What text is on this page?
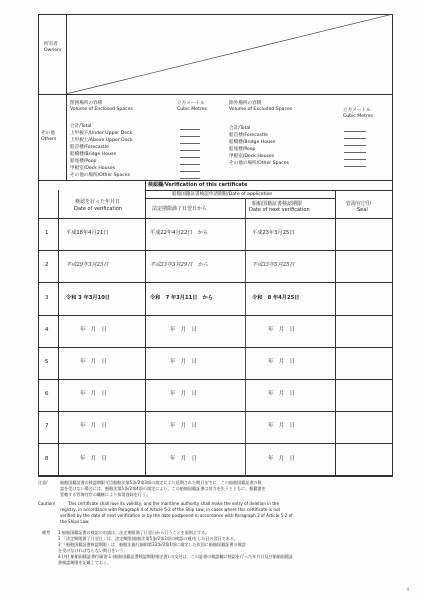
所有者
Owners
その他
Others
閉囲場所の容積
Volume of Enclosed Spaces
立方メートル
Cubic Metres
合計/Total
上甲板下/Under Upper Deck
上甲板上/Above Upper Deck
船首楼/Forecastle
船橋楼/Bridge House
船尾楼/Poop
甲板室/Deck Houses
その他の場所/Other Spaces
除外場所の容積
Volume of Excluded Spaces	立方メートル
Cubic Metres
合計/Total
船首楼/Forecastle
船橋楼/Bridge House
船尾楼/Poop
甲板室/Deck Houses
その他の場所/Other Spaces
検認欄/Verification of this certificate
船舶国籍証書検認申請期限/Date of application
検認を行った年月日
Date of verification	法定期限満了日翌日から
船舶国籍証書検認期限
Date of next verification
管海官庁印
Seal
1	平成18年4月21日	平成22年4月22日　から	平成23年3月25日
2	平成29年3月23日	平成33年3月29日　から	平成33年5月25日
3	令和 3 年3月10日	令和　7 年3月11日　から	令和　8 年4月25日
4	年　月　日	年　月　日	年　月　日
5	年　月　日	年　月　日	年　月　日
6	年　月　日	年　月　日	年　月　日
7	年　月　日	年　月　日	年　月　日
8	年　月　日	年　月　日	年　月　日
注意/	船舶国籍証書の検認期限又は船舶法第5条/2第3項の規定により延期された期日までに、この船舶国籍証書の検
認を受けない場合には、船舶法第5条/2第4項の規定により、この船舶国籍証書は効力を失うとともに、船籍港を
管轄する管海官庁の職権により抹消登録を行う。
Caution/	This certificate shall lose its validity, and the maritime authority shall make the entry of deletion in the
registry, in accordance with Paragraph 4 of Article 5-2 of the Ship Law, in cases where this certificate is not
verified by the date of next verification or by the date postponed in accordance with Paragraph 3 of Article 5-2 of
the Ships Law.
備考 1 船舶国籍証書の検認の申請は、法定期限満了日翌日から行うことを原則とする。
2 「法定期限満了日翌日」は、法定期限(船舶法第5条/2第2項の検認の週)をした日の翌日である。
3 「船舶国籍証書検認期限」は、船舶法施行細則第33条/2第1項に規定した次回に船舶国籍証書の検認
を受けなければならない期日をいう。
4 (外) 船舶国籍証書付属書 1 (船舶国籍証書検認期限指定書) の交付は、この証書の検認欄に検認を行った年月日及び船舶国籍証
書検認期限を記載しておく。
4
